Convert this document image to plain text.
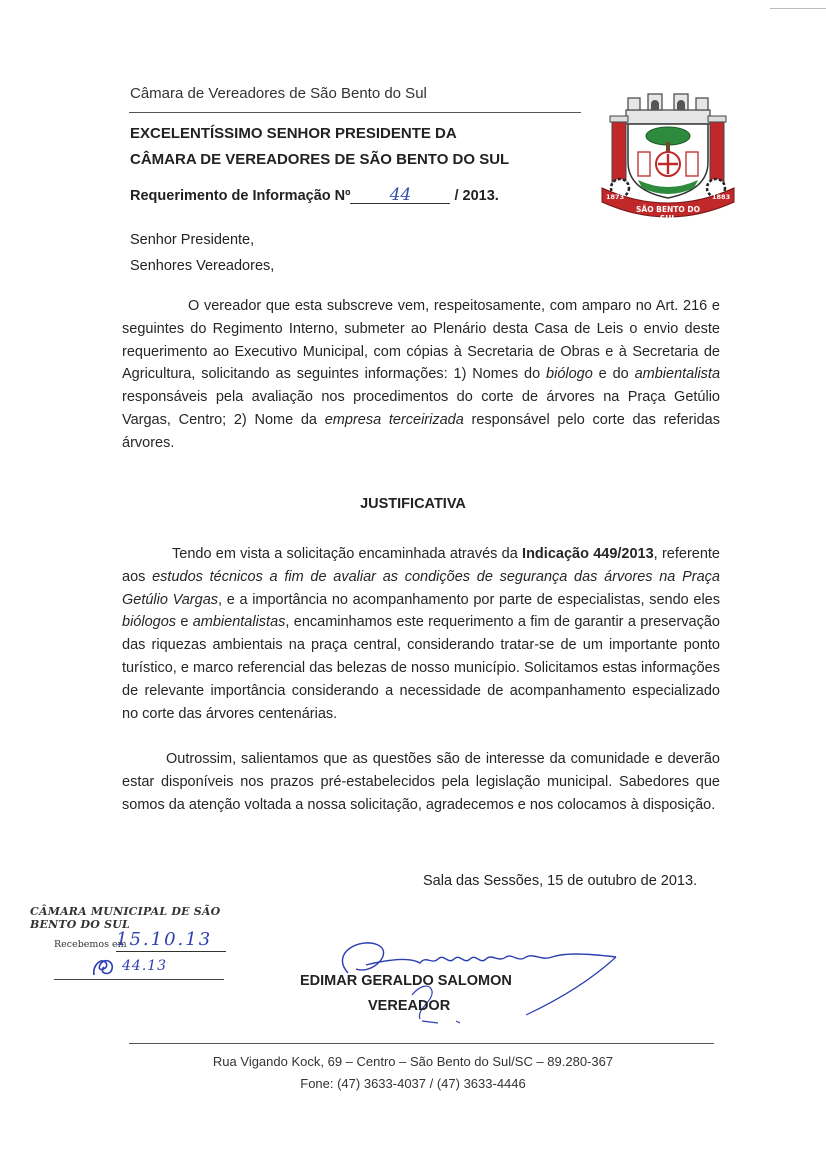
Câmara de Vereadores de São Bento do Sul
EXCELENTÍSSIMO SENHOR PRESIDENTE DA
CÂMARA DE VEREADORES DE SÃO BENTO DO SUL
Requerimento de Informação Nº 44	/ 2013.
SÃO BENTO DO SUL
1873	1883
Senhor Presidente,
Senhores Vereadores,
O vereador que esta subscreve vem, respeitosamente, com amparo no Art. 216 e seguintes do Regimento Interno, submeter ao Plenário desta Casa de Leis o envio deste requerimento ao Executivo Municipal, com cópias à Secretaria de Obras e à Secretaria de Agricultura, solicitando as seguintes informações: 1) Nomes do biólogo e do ambientalista responsáveis pela avaliação nos procedimentos do corte de árvores na Praça Getúlio Vargas, Centro; 2) Nome da empresa terceirizada responsável pelo corte das referidas árvores.
JUSTIFICATIVA
Tendo em vista a solicitação encaminhada através da Indicação 449/2013, referente aos estudos técnicos a fim de avaliar as condições de segurança das árvores na Praça Getúlio Vargas, e a importância no acompanhamento por parte de especialistas, sendo eles biólogos e ambientalistas, encaminhamos este requerimento a fim de garantir a preservação das riquezas ambientais na praça central, considerando tratar-se de um importante ponto turístico, e marco referencial das belezas de nosso município. Solicitamos estas informações de relevante importância considerando a necessidade de acompanhamento especializado no corte das árvores centenárias.
Outrossim, salientamos que as questões são de interesse da comunidade e deverão estar disponíveis nos prazos pré-estabelecidos pela legislação municipal. Sabedores que somos da atenção voltada a nossa solicitação, agradecemos e nos colocamos à disposição.
Sala das Sessões, 15 de outubro de 2013.
CÂMARA MUNICIPAL DE SÃO BENTO DO SUL
Recebemos em
15.10.13
44.13
EDIMAR GERALDO SALOMON
VEREADOR
Rua Vigando Kock, 69 – Centro – São Bento do Sul/SC – 89.280-367
Fone: (47) 3633-4037 / (47) 3633-4446
